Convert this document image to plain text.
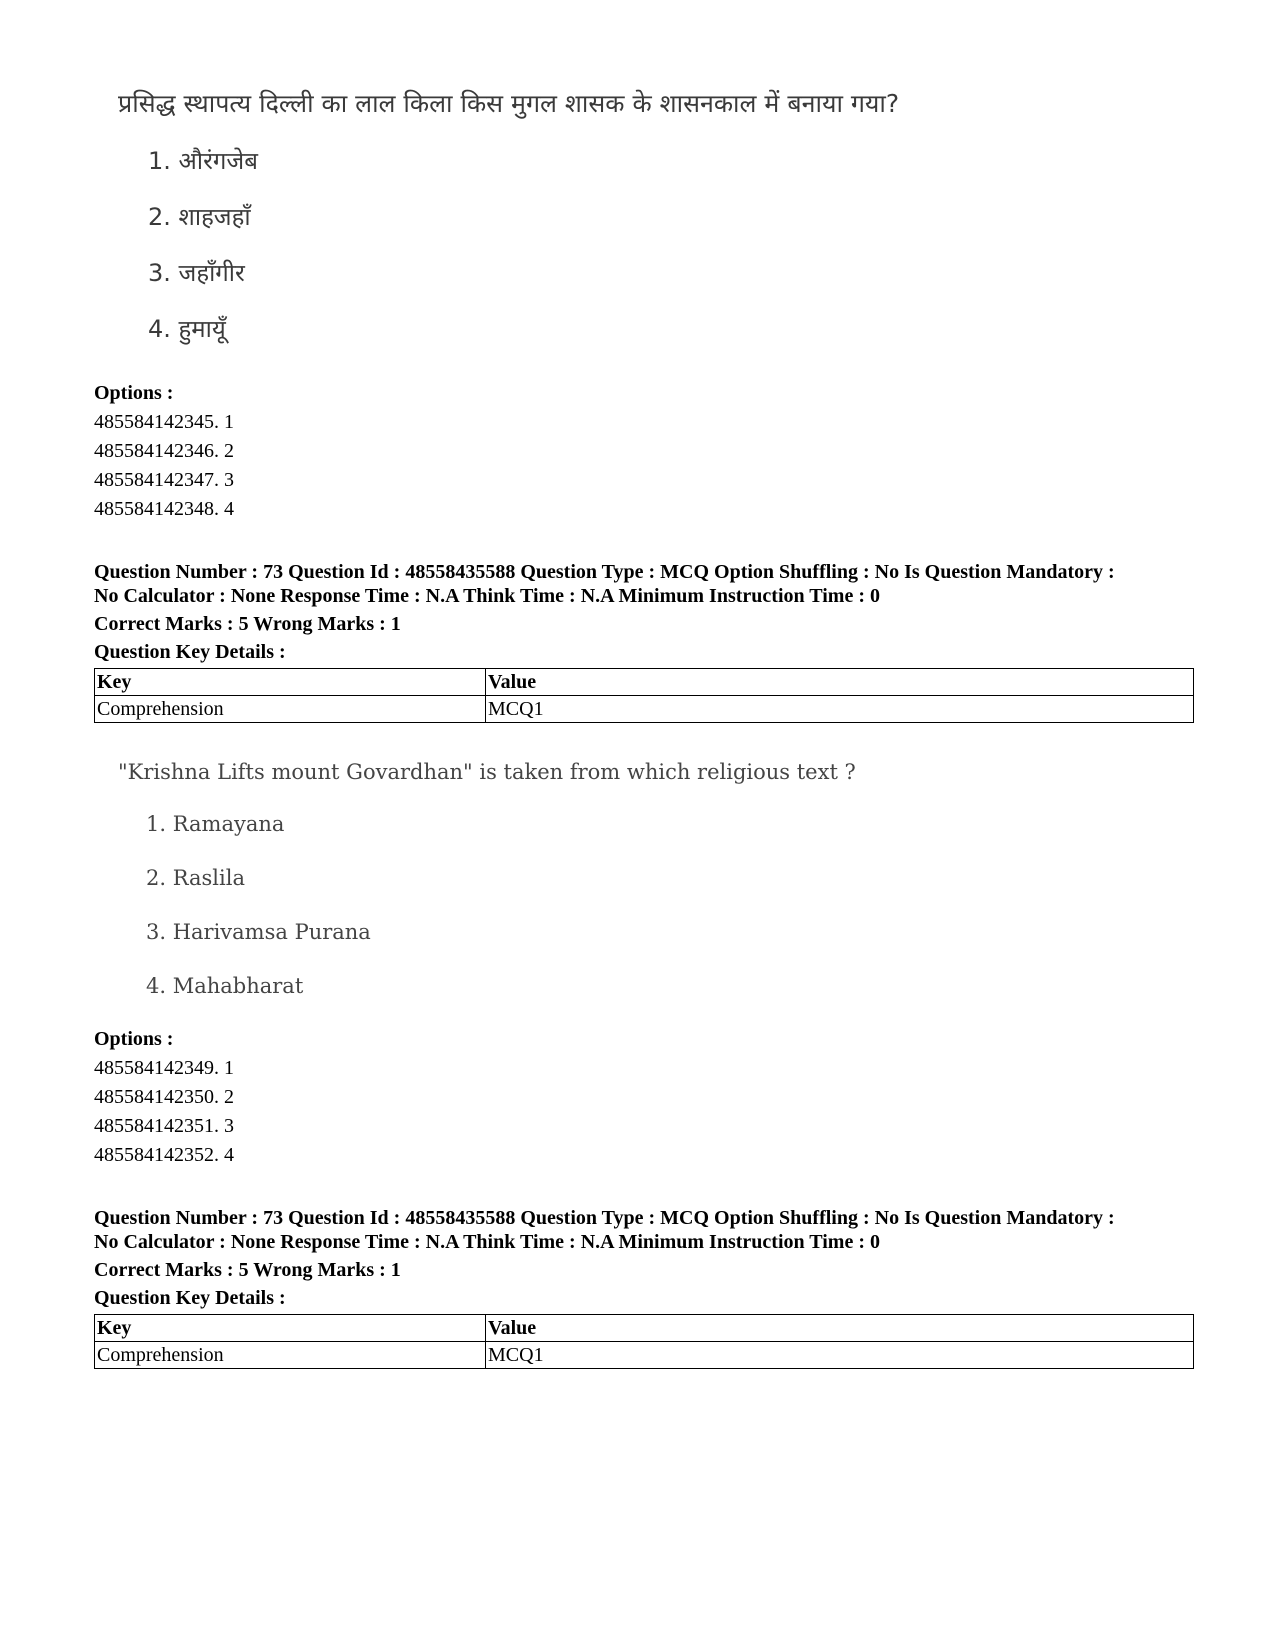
प्रसिद्ध स्थापत्य दिल्ली का लाल किला किस मुगल शासक के शासनकाल में बनाया गया?
1. औरंगजेब
2. शाहजहाँ
3. जहाँगीर
4. हुमायूँ
Options :
485584142345. 1
485584142346. 2
485584142347. 3
485584142348. 4
Question Number : 73 Question Id : 48558435588 Question Type : MCQ Option Shuffling : No Is Question Mandatory :
No Calculator : None Response Time : N.A Think Time : N.A Minimum Instruction Time : 0
Correct Marks : 5 Wrong Marks : 1
Question Key Details :
Key	Value
Comprehension	MCQ1
"Krishna Lifts mount Govardhan" is taken from which religious text ?
1. Ramayana
2. Raslila
3. Harivamsa Purana
4. Mahabharat
Options :
485584142349. 1
485584142350. 2
485584142351. 3
485584142352. 4
Question Number : 73 Question Id : 48558435588 Question Type : MCQ Option Shuffling : No Is Question Mandatory :
No Calculator : None Response Time : N.A Think Time : N.A Minimum Instruction Time : 0
Correct Marks : 5 Wrong Marks : 1
Question Key Details :
Key	Value
Comprehension	MCQ1
